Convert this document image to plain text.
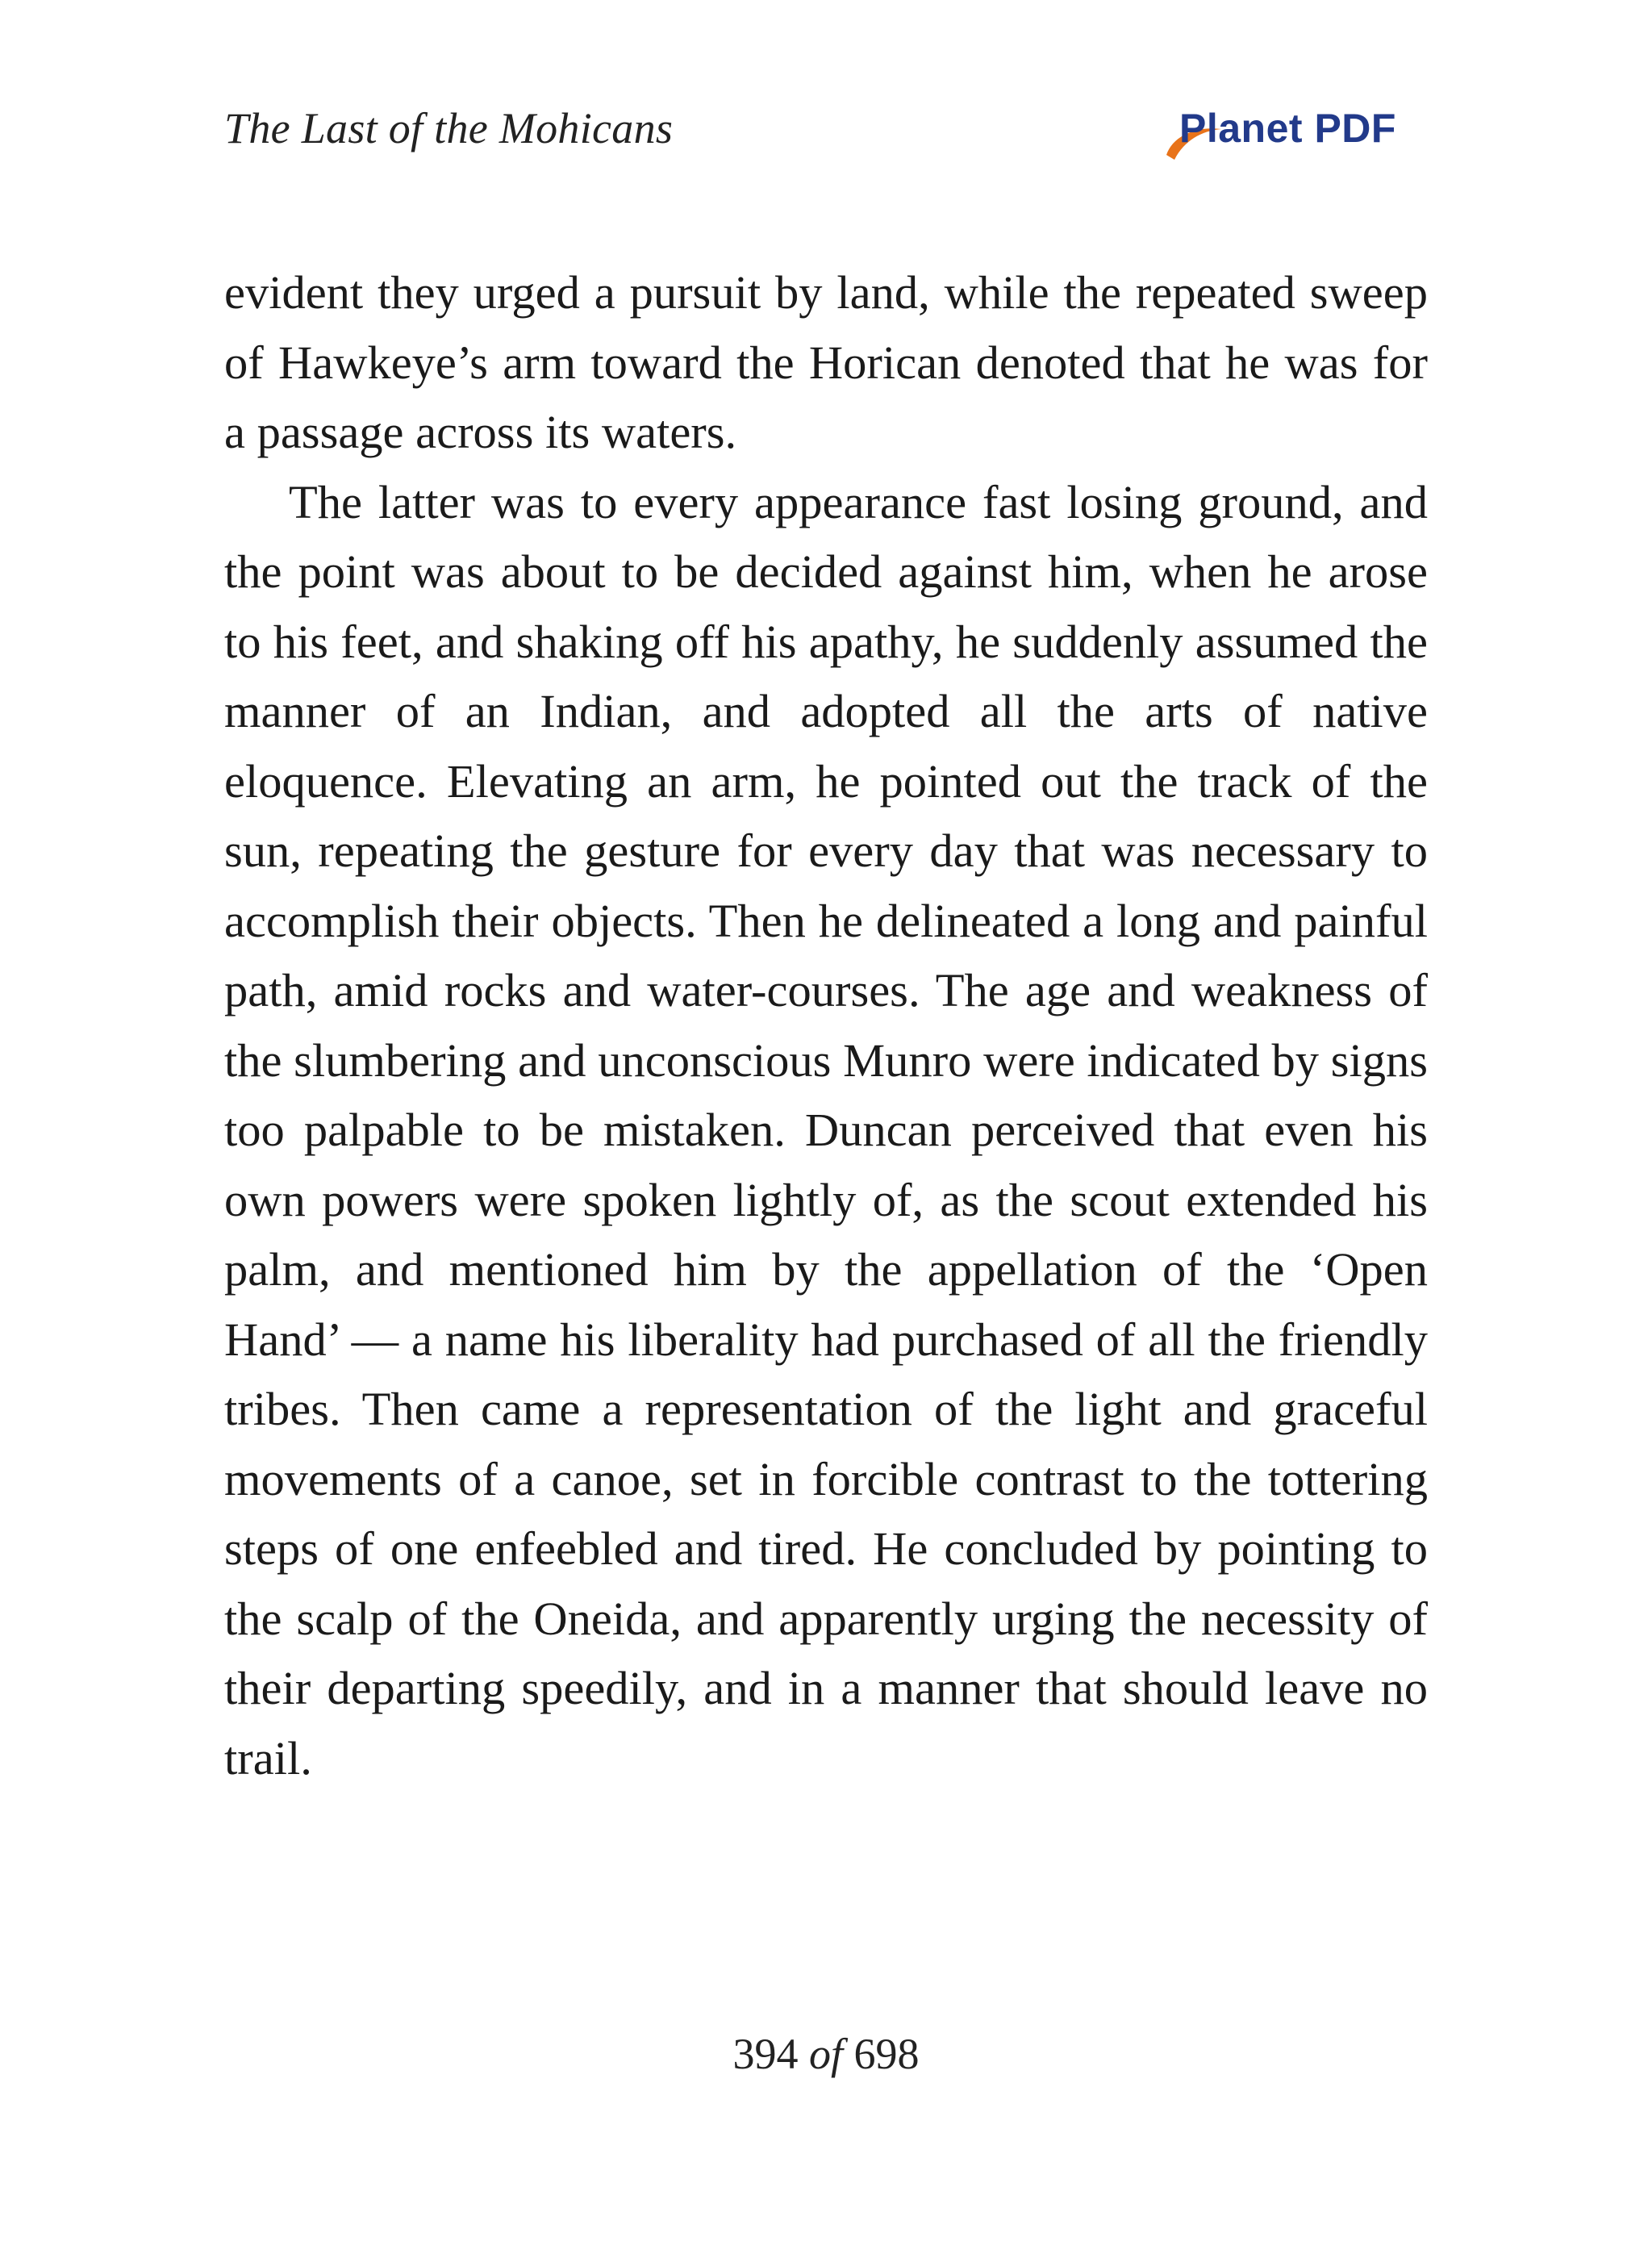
The Last of the Mohicans	Planet PDF

evident they urged a pursuit by land, while the repeated sweep of Hawkeye’s arm toward the Horican denoted that he was for a passage across its waters.

The latter was to every appearance fast losing ground, and the point was about to be decided against him, when he arose to his feet, and shaking off his apathy, he suddenly assumed the manner of an Indian, and adopted all the arts of native eloquence. Elevating an arm, he pointed out the track of the sun, repeating the gesture for every day that was necessary to accomplish their objects. Then he delineated a long and painful path, amid rocks and water-courses. The age and weakness of the slumbering and unconscious Munro were indicated by signs too palpable to be mistaken. Duncan perceived that even his own powers were spoken lightly of, as the scout extended his palm, and mentioned him by the appellation of the ‘Open Hand’ — a name his liberality had purchased of all the friendly tribes. Then came a representation of the light and graceful movements of a canoe, set in forcible contrast to the tottering steps of one enfeebled and tired. He concluded by pointing to the scalp of the Oneida, and apparently urging the necessity of their departing speedily, and in a manner that should leave no trail.

394 of 698
